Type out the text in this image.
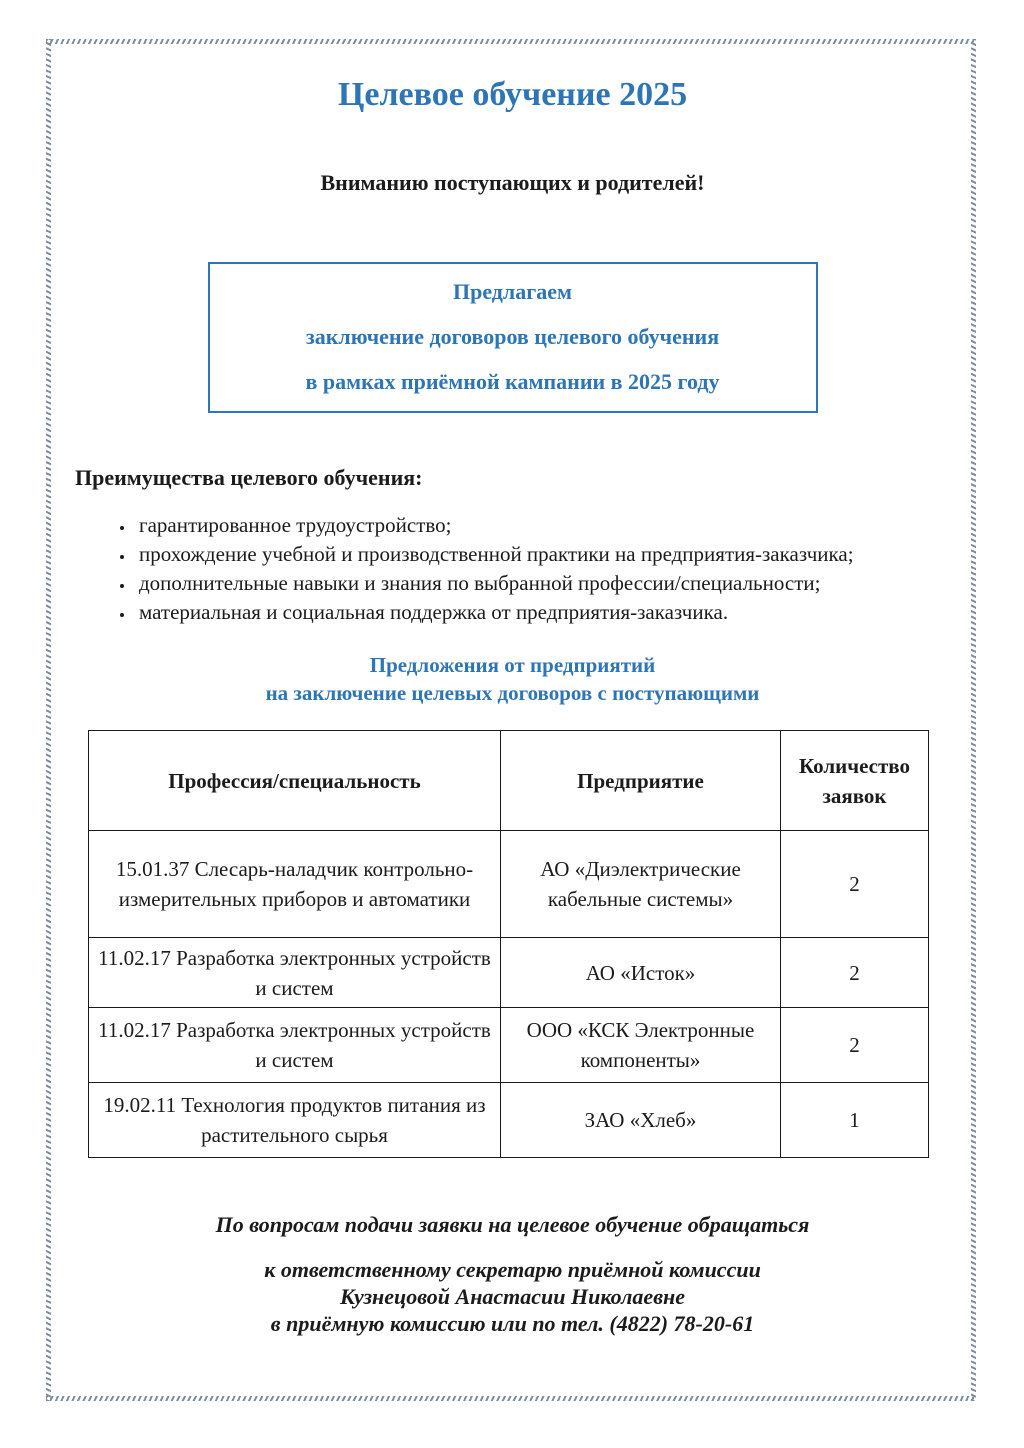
Целевое обучение 2025

Вниманию поступающих и родителей!

Предлагаем

заключение договоров целевого обучения

в рамках приёмной кампании в 2025 году

Преимущества целевого обучения:
• гарантированное трудоустройство;
• прохождение учебной и производственной практики на предприятия-заказчика;
• дополнительные навыки и знания по выбранной профессии/специальности;
• материальная и социальная поддержка от предприятия-заказчика.
Предложения от предприятий
на заключение целевых договоров с поступающими
Профессия/специальность	Предприятие	Количество заявок
15.01.37 Слесарь-наладчик контрольно-измерительных приборов и автоматики	АО «Диэлектрические кабельные системы»	2
11.02.17 Разработка электронных устройств и систем	АО «Исток»	2
11.02.17 Разработка электронных устройств и систем	ООО «КСК Электронные компоненты»	2
19.02.11 Технология продуктов питания из растительного сырья	ЗАО «Хлеб»	1

По вопросам подачи заявки на целевое обучение обращаться

к ответственному секретарю приёмной комиссии

Кузнецовой Анастасии Николаевне

в приёмную комиссию или по тел. (4822) 78-20-61
